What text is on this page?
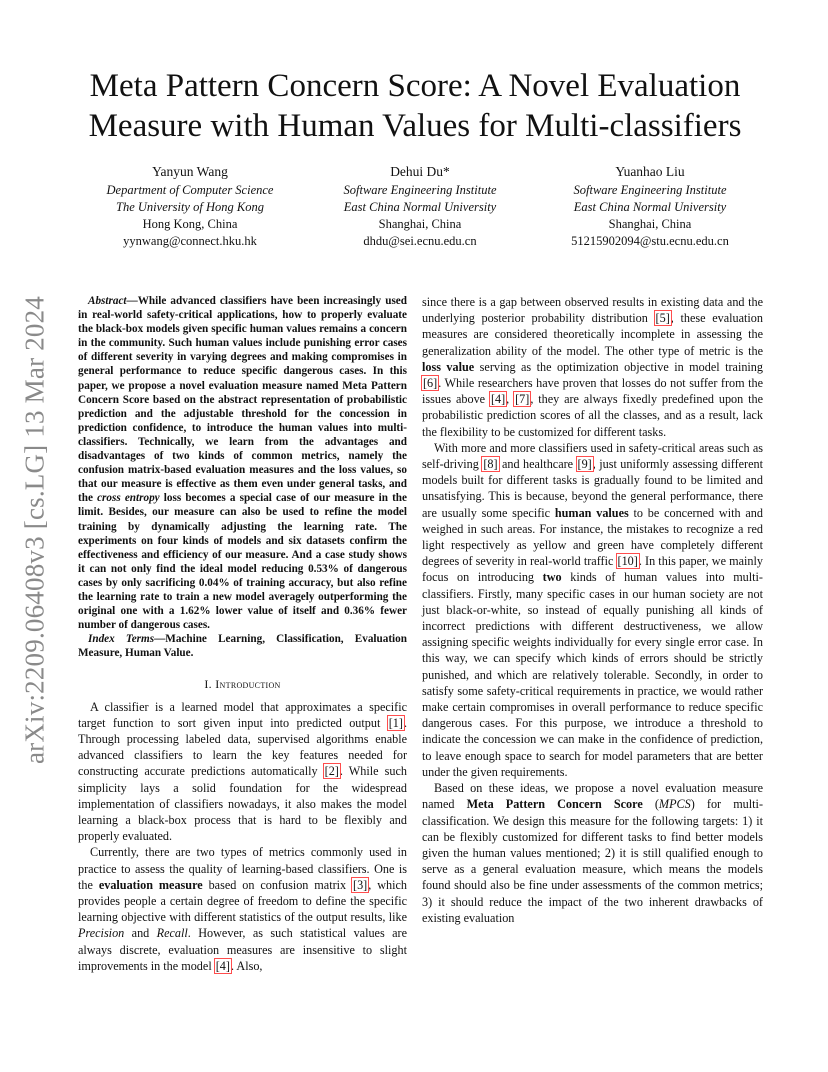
arXiv:2209.06408v3 [cs.LG] 13 Mar 2024
Meta Pattern Concern Score: A Novel Evaluation
Measure with Human Values for Multi-classifiers
Yanyun Wang
Department of Computer Science
The University of Hong Kong
Hong Kong, China
yynwang@connect.hku.hk
Dehui Du*
Software Engineering Institute
East China Normal University
Shanghai, China
dhdu@sei.ecnu.edu.cn
Yuanhao Liu
Software Engineering Institute
East China Normal University
Shanghai, China
51215902094@stu.ecnu.edu.cn

Abstract—While advanced classifiers have been increasingly used in real-world safety-critical applications, how to properly evaluate the black-box models given specific human values remains a concern in the community. Such human values include punishing error cases of different severity in varying degrees and making compromises in general performance to reduce specific dangerous cases. In this paper, we propose a novel evaluation measure named Meta Pattern Concern Score based on the abstract representation of probabilistic prediction and the adjustable threshold for the concession in prediction confidence, to introduce the human values into multi-classifiers. Technically, we learn from the advantages and disadvantages of two kinds of common metrics, namely the confusion matrix-based evaluation measures and the loss values, so that our measure is effective as them even under general tasks, and the cross entropy loss becomes a special case of our measure in the limit. Besides, our measure can also be used to refine the model training by dynamically adjusting the learning rate. The experiments on four kinds of models and six datasets confirm the effectiveness and efficiency of our measure. And a case study shows it can not only find the ideal model reducing 0.53% of dangerous cases by only sacrificing 0.04% of training accuracy, but also refine the learning rate to train a new model averagely outperforming the original one with a 1.62% lower value of itself and 0.36% fewer number of dangerous cases.

Index Terms—Machine Learning, Classification, Evaluation Measure, Human Value.

I. Introduction

A classifier is a learned model that approximates a specific target function to sort given input into predicted output [1]. Through processing labeled data, supervised algorithms enable advanced classifiers to learn the key features needed for constructing accurate predictions automatically [2]. While such simplicity lays a solid foundation for the widespread implementation of classifiers nowadays, it also makes the model learning a black-box process that is hard to be flexibly and properly evaluated.

Currently, there are two types of metrics commonly used in practice to assess the quality of learning-based classifiers. One is the evaluation measure based on confusion matrix [3], which provides people a certain degree of freedom to define the specific learning objective with different statistics of the output results, like Precision and Recall. However, as such statistical values are always discrete, evaluation measures are insensitive to slight improvements in the model [4]. Also,

since there is a gap between observed results in existing data and the underlying posterior probability distribution [5], these evaluation measures are considered theoretically incomplete in assessing the generalization ability of the model. The other type of metric is the loss value serving as the optimization objective in model training [6]. While researchers have proven that losses do not suffer from the issues above [4], [7], they are always fixedly predefined upon the probabilistic prediction scores of all the classes, and as a result, lack the flexibility to be customized for different tasks.

With more and more classifiers used in safety-critical areas such as self-driving [8] and healthcare [9], just uniformly assessing different models built for different tasks is gradually found to be limited and unsatisfying. This is because, beyond the general performance, there are usually some specific human values to be concerned with and weighed in such areas. For instance, the mistakes to recognize a red light respectively as yellow and green have completely different degrees of severity in real-world traffic [10]. In this paper, we mainly focus on introducing two kinds of human values into multi-classifiers. Firstly, many specific cases in our human society are not just black-or-white, so instead of equally punishing all kinds of incorrect predictions with different destructiveness, we allow assigning specific weights individually for every single error case. In this way, we can specify which kinds of errors should be strictly punished, and which are relatively tolerable. Secondly, in order to satisfy some safety-critical requirements in practice, we would rather make certain compromises in overall performance to reduce specific dangerous cases. For this purpose, we introduce a threshold to indicate the concession we can make in the confidence of prediction, to leave enough space to search for model parameters that are better under the given requirements.

Based on these ideas, we propose a novel evaluation measure named Meta Pattern Concern Score (MPCS) for multi-classification. We design this measure for the following targets: 1) it can be flexibly customized for different tasks to find better models given the human values mentioned; 2) it is still qualified enough to serve as a general evaluation measure, which means the models found should also be fine under assessments of the common metrics; 3) it should reduce the impact of the two inherent drawbacks of existing evaluation
